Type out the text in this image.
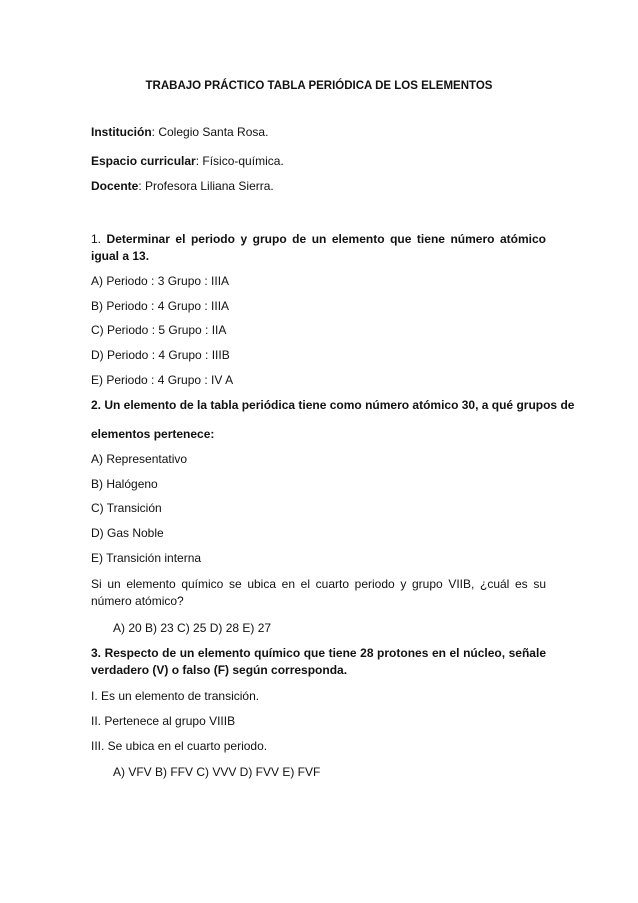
TRABAJO PRÁCTICO TABLA PERIÓDICA DE LOS ELEMENTOS
Institución: Colegio Santa Rosa.
Espacio curricular: Físico-química.
Docente: Profesora Liliana Sierra.
1. Determinar el periodo y grupo de un elemento que tiene número atómico igual a 13.
A) Periodo : 3 Grupo : IIIA
B) Periodo : 4 Grupo : IIIA
C) Periodo : 5 Grupo : IIA
D) Periodo : 4 Grupo : IIIB
E) Periodo : 4 Grupo : IV A
2. Un elemento de la tabla periódica tiene como número atómico 30, a qué grupos de
elementos pertenece:
A) Representativo
B) Halógeno
C) Transición
D) Gas Noble
E) Transición interna
Si un elemento químico se ubica en el cuarto periodo y grupo VIIB, ¿cuál es su número atómico?
A) 20 B) 23 C) 25 D) 28 E) 27
3. Respecto de un elemento químico que tiene 28 protones en el núcleo, señale verdadero (V) o falso (F) según corresponda.
I. Es un elemento de transición.
II. Pertenece al grupo VIIIB
III. Se ubica en el cuarto periodo.
A) VFV B) FFV C) VVV D) FVV E) FVF
